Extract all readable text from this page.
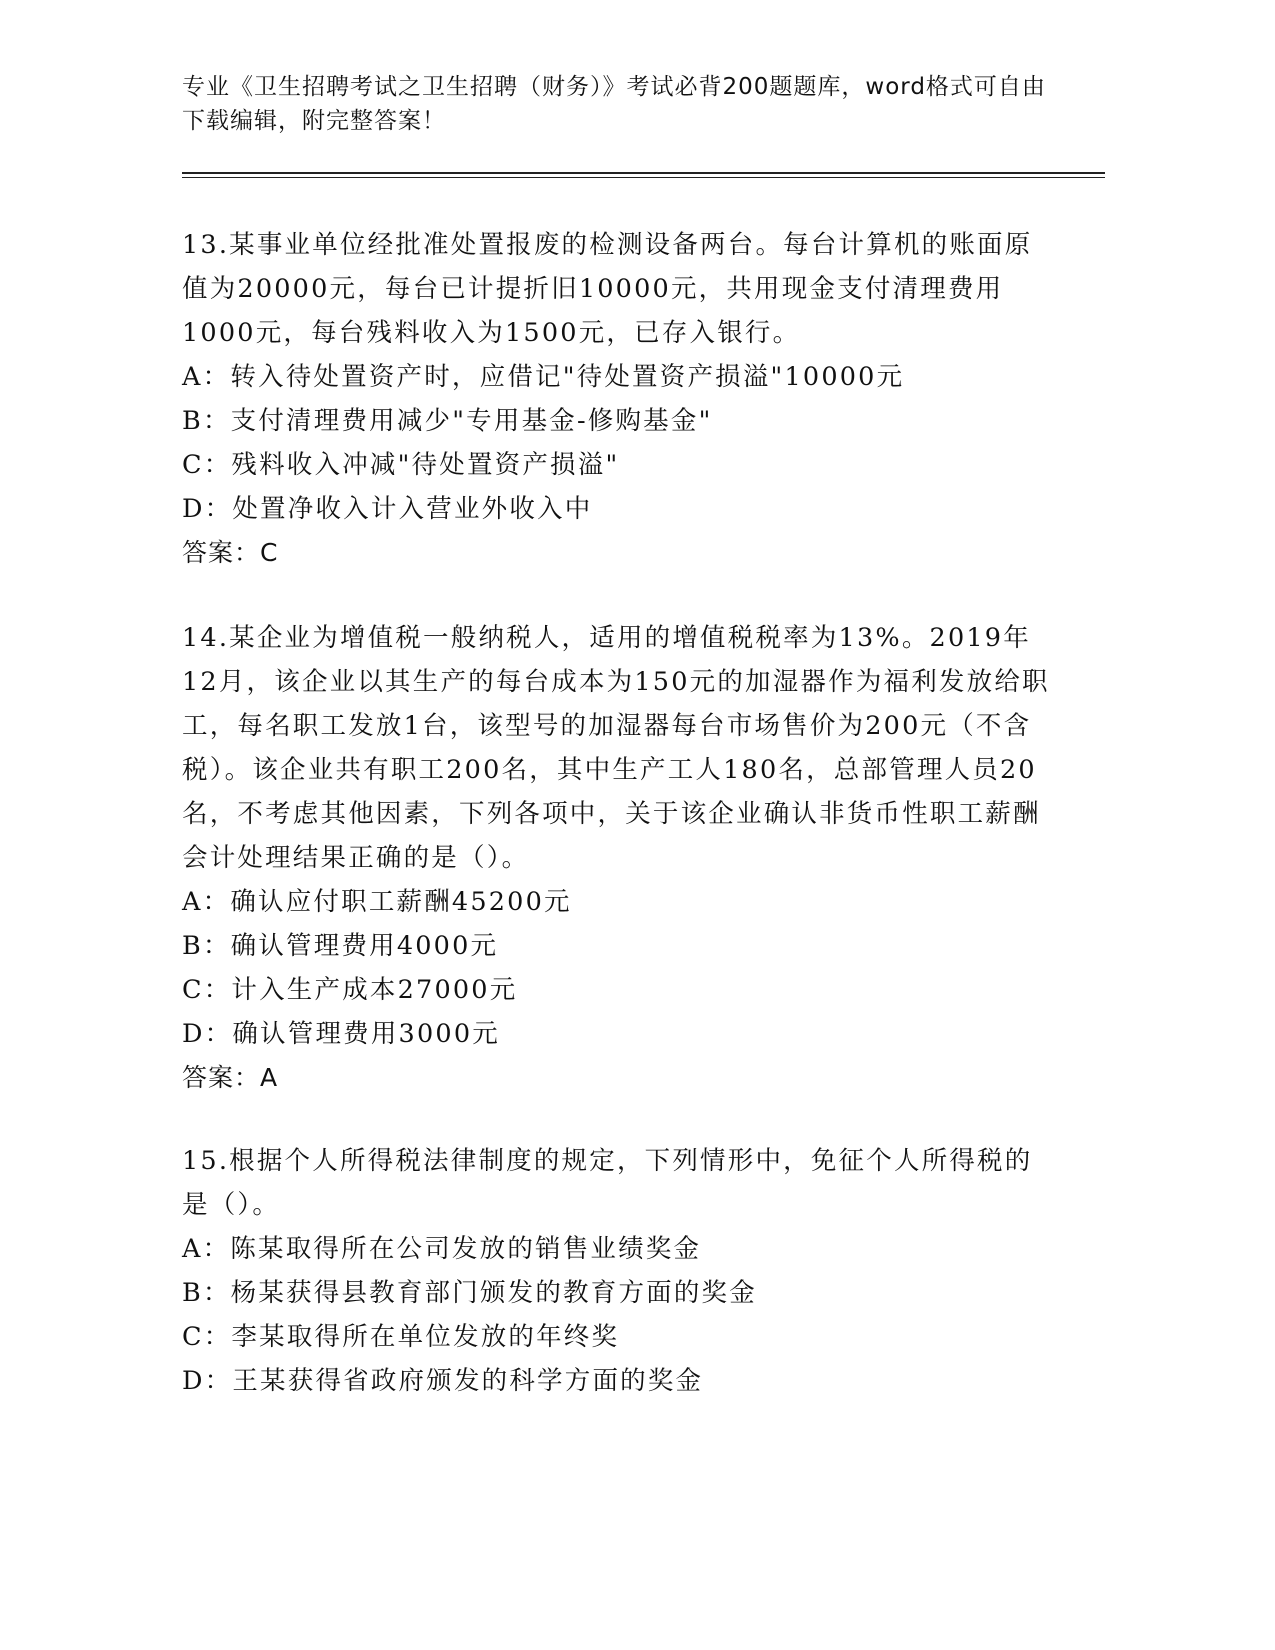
专业《卫生招聘考试之卫生招聘（财务）》考试必背200题题库，word格式可自由下载编辑，附完整答案！

13.某事业单位经批准处置报废的检测设备两台。每台计算机的账面原值为20000元，每台已计提折旧10000元，共用现金支付清理费用1000元，每台残料收入为1500元，已存入银行。

A：转入待处置资产时，应借记"待处置资产损溢"10000元

B：支付清理费用减少"专用基金-修购基金"

C：残料收入冲减"待处置资产损溢"

D：处置净收入计入营业外收入中

答案：C

14.某企业为增值税一般纳税人，适用的增值税税率为13%。2019年12月，该企业以其生产的每台成本为150元的加湿器作为福利发放给职工，每名职工发放1台，该型号的加湿器每台市场售价为200元（不含税）。该企业共有职工200名，其中生产工人180名，总部管理人员20名，不考虑其他因素，下列各项中，关于该企业确认非货币性职工薪酬会计处理结果正确的是（）。

A：确认应付职工薪酬45200元

B：确认管理费用4000元

C：计入生产成本27000元

D：确认管理费用3000元

答案：A

15.根据个人所得税法律制度的规定，下列情形中，免征个人所得税的是（）。

A：陈某取得所在公司发放的销售业绩奖金

B：杨某获得县教育部门颁发的教育方面的奖金

C：李某取得所在单位发放的年终奖

D：王某获得省政府颁发的科学方面的奖金
